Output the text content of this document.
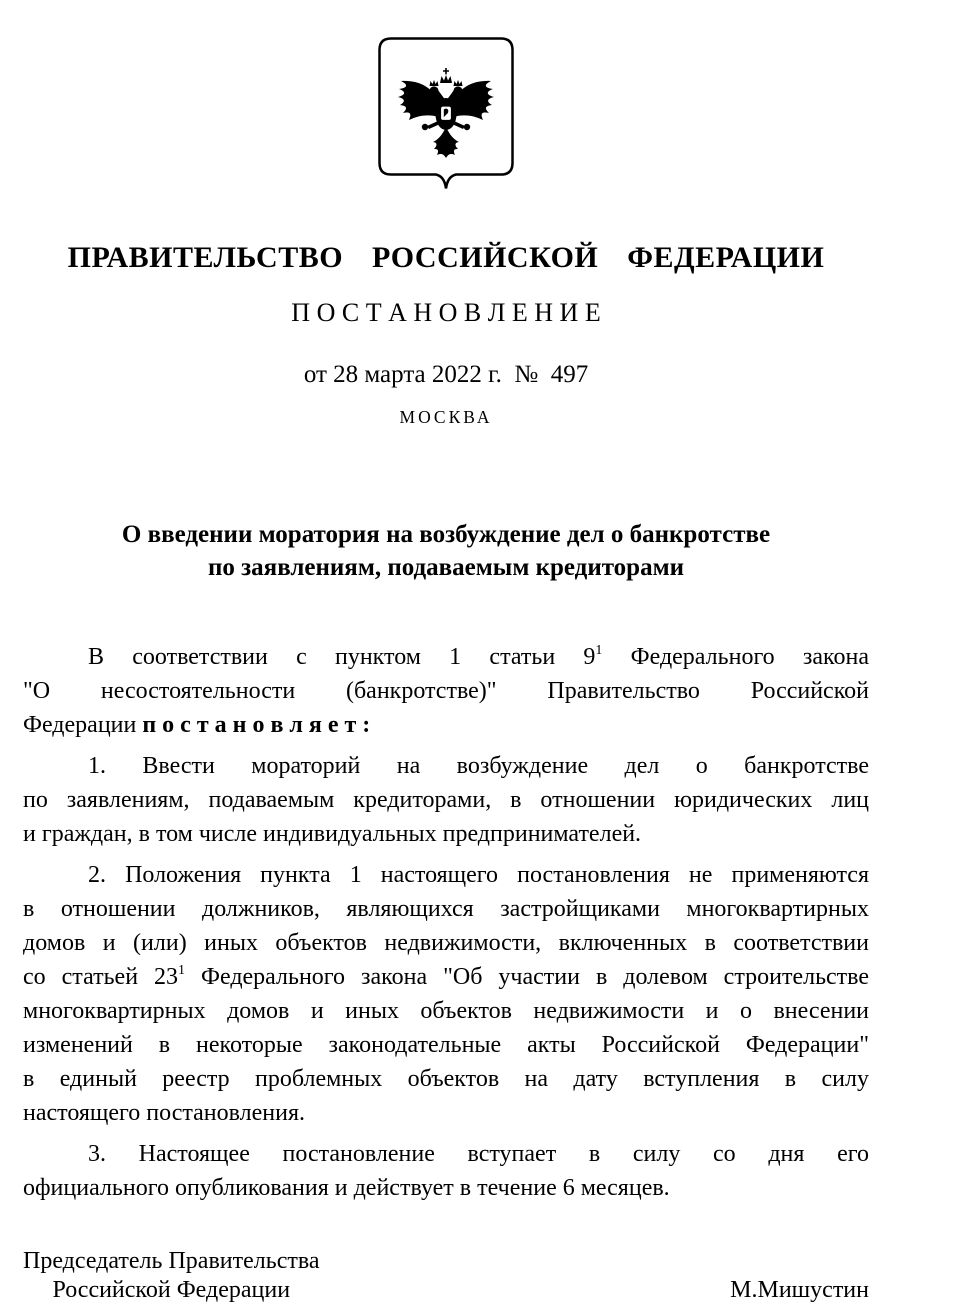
ПРАВИТЕЛЬСТВО  РОССИЙСКОЙ  ФЕДЕРАЦИИ
П О С Т А Н О В Л Е Н И Е
от 28 марта 2022 г.  №  497
МОСКВА
О введении моратория на возбуждение дел о банкротстве
по заявлениям, подаваемым кредиторами
В соответствии с пунктом 1 статьи 9$^1$ Федерального закона
"О несостоятельности (банкротстве)" Правительство Российской
Федерации п о с т а н о в л я е т :
1. Ввести мораторий на возбуждение дел о банкротстве
по заявлениям, подаваемым кредиторами, в отношении юридических лиц
и граждан, в том числе индивидуальных предпринимателей.
2. Положения пункта 1 настоящего постановления не применяются
в отношении должников, являющихся застройщиками многоквартирных
домов и (или) иных объектов недвижимости, включенных в соответствии
со статьей 23$^1$ Федерального закона "Об участии в долевом строительстве
многоквартирных домов и иных объектов недвижимости и о внесении
изменений в некоторые законодательные акты Российской Федерации"
в единый реестр проблемных объектов на дату вступления в силу
настоящего постановления.
3. Настоящее постановление вступает в силу со дня его
официального опубликования и действует в течение 6 месяцев.
Председатель Правительства
Российской Федерации	М.Мишустин
